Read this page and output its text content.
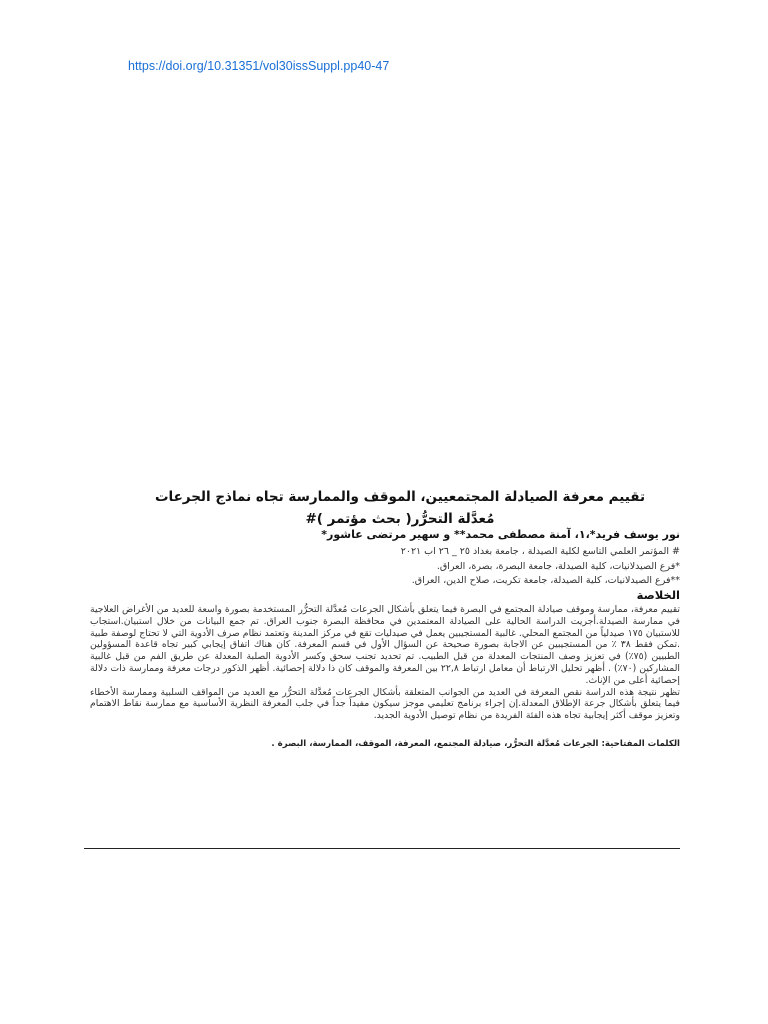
https://doi.org/10.31351/vol30issSuppl.pp40-47
تقييم معرفة الصيادلة المجتمعيين، الموقف والممارسة تجاه نماذج الجرعات
مُعدَّلة التحرُّر( بحث مؤتمر )#
نور يوسف فريد*،١، آمنة مصطفى محمد** و سهير مرتضى عاشور*
# المؤتمر العلمي التاسع لكلية الصيدلة ، جامعة بغداد ٢٥ _ ٢٦ اب ٢٠٢١
*فرع الصيدلانيات، كلية الصيدلة، جامعة البصرة، بصرة، العراق.
**فرع الصيدلانيات، كلية الصيدلة، جامعة تكريت، صلاح الدين، العراق.
الخلاصة

تقييم معرفة، ممارسة وموقف صيادلة المجتمع في البصرة فيما يتعلق بأشكال الجرعات مُعدَّلة التحرُّر المستخدمة بصورة واسعة للعديد من الأغراض العلاجية في ممارسة الصيدلة.أجريت الدراسة الحالية على الصيادلة المعتمدين في محافظة البصرة جنوب العراق. تم جمع البيانات من خلال استبيان.استجاب للاستبيان ١٧٥ صيدلياً من المجتمع المحلي. غالبية المستجيبين يعمل في صيدليات تقع في مركز المدينة وتعتمد نظام صرف الأدوية التي لا تحتاج لوصفة طبية .تمكن فقط ٣٨ ٪ من المستجيبين عن الاجابة بصورة صحيحة عن السؤال الأول في قسم المعرفة. كان هناك اتفاق إيجابي كبير تجاه قاعدة المسؤولين الطبيين (٧٥٪) في تعزيز وصف المنتجات المعدلة من قبل الطبيب. تم تحديد تجنب سحق وكسر الأدوية الصلبة المعدلة عن طريق الفم من قبل غالبية المشاركين (٧٠٪) . أظهر تحليل الارتباط أن معامل ارتباط ٢٢,٨ بين المعرفة والموقف كان ذا دلالة إحصائية. أظهر الذكور درجات معرفة وممارسة ذات دلالة إحصائية أعلى من الإناث.

تظهر نتيجة هذه الدراسة نقص المعرفة في العديد من الجوانب المتعلقة بأشكال الجرعات مُعدَّلة التحرُّر مع العديد من المواقف السلبية وممارسة الأخطاء فيما يتعلق بأشكال جرعة الإطلاق المعدلة.إن إجراء برنامج تعليمي موجز سيكون مفيداً جداً في جلب المعرفة النظرية الأساسية مع ممارسة نقاط الاهتمام وتعزيز موقف أكثر إيجابية تجاه هذه الفئة الفريدة من نظام توصيل الأدوية الجديد.

الكلمات المفتاحية: الجرعات مُعدَّلة التحرُّر، صيادلة المجتمع، المعرفة، الموقف، الممارسة، البصرة .
